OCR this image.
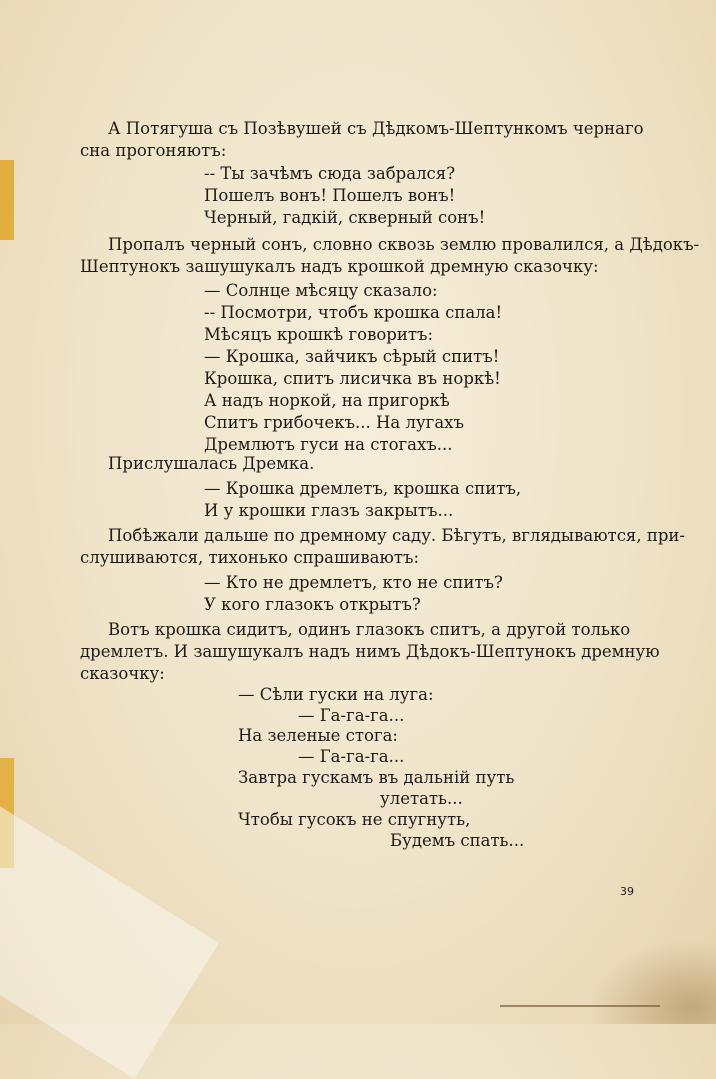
А Потягуша съ Позѣвушей съ Дѣдкомъ-Шептункомъ чернаго
сна прогоняютъ:
-- Ты зачѣмъ сюда забрался?
Пошелъ вонъ! Пошелъ вонъ!
Черный, гадкій, скверный сонъ!
Пропалъ черный сонъ, словно сквозь землю провалился, а Дѣдокъ-
Шептунокъ зашушукалъ надъ крошкой дремную сказочку:
— Солнце мѣсяцу сказало:
-- Посмотри, чтобъ крошка спала!
Мѣсяцъ крошкѣ говоритъ:
— Крошка, зайчикъ сѣрый спитъ!
Крошка, спитъ лисичка въ норкѣ!
А надъ норкой, на пригоркѣ
Спитъ грибочекъ... На лугахъ
Дремлютъ гуси на стогахъ...
Прислушалась Дремка.
— Крошка дремлетъ, крошка спитъ,
И у крошки глазъ закрытъ...
Побѣжали дальше по дремному саду. Бѣгутъ, вглядываются, при-
слушиваются, тихонько спрашиваютъ:
— Кто не дремлетъ, кто не спитъ?
У кого глазокъ открытъ?
Вотъ крошка сидитъ, одинъ глазокъ спитъ, а другой только
дремлетъ. И зашушукалъ надъ нимъ Дѣдокъ-Шептунокъ дремную
сказочку:
— Сѣли гуски на луга:
— Га-га-га...
На зеленые стога:
— Га-га-га...
Завтра гускамъ въ дальній путь
улетать...
Чтобы гусокъ не спугнуть,
Будемъ спать...
39
